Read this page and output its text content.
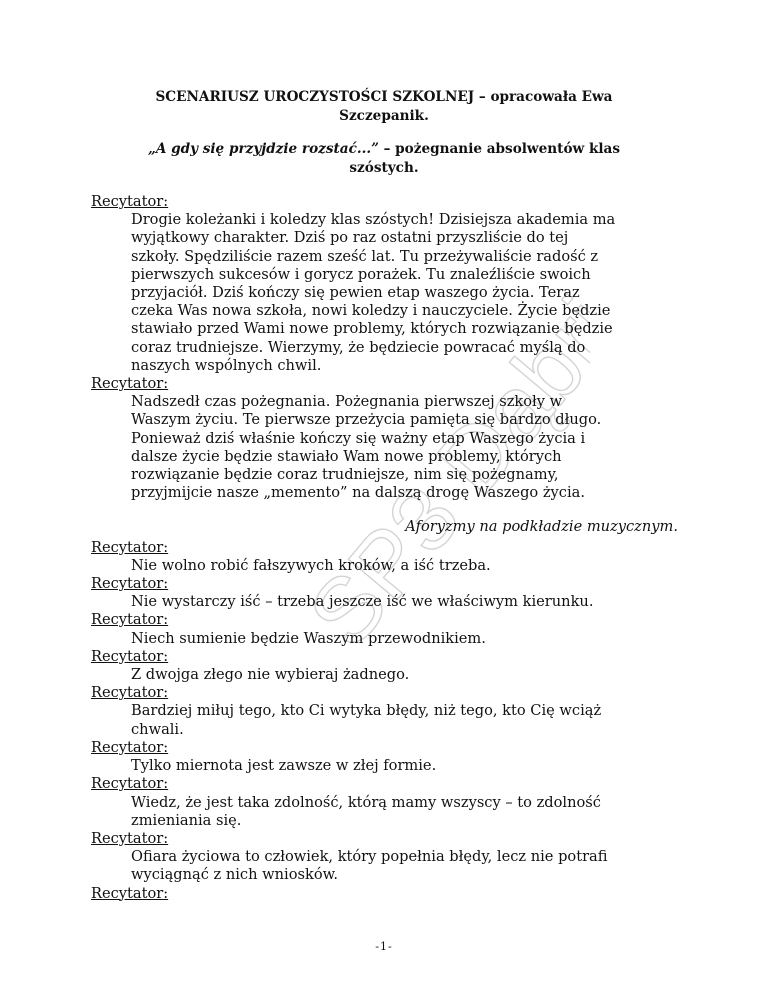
SCENARIUSZ UROCZYSTOŚCI SZKOLNEJ – opracowała Ewa
Szczepanik.
„A gdy się przyjdzie rozstać...” – pożegnanie absolwentów klas
szóstych.
SP3 Dąbrica
Recytator:
Drogie koleżanki i koledzy klas szóstych! Dzisiejsza akademia ma
wyjątkowy charakter. Dziś po raz ostatni przyszliście do tej
szkoły. Spędziliście razem sześć lat. Tu przeżywaliście radość z
pierwszych sukcesów i gorycz porażek. Tu znaleźliście swoich
przyjaciół. Dziś kończy się pewien etap waszego życia. Teraz
czeka Was nowa szkoła, nowi koledzy i nauczyciele. Życie będzie
stawiało przed Wami nowe problemy, których rozwiązanie będzie
coraz trudniejsze. Wierzymy, że będziecie powracać myślą do
naszych wspólnych chwil.
Recytator:
Nadszedł czas pożegnania. Pożegnania pierwszej szkoły w
Waszym życiu. Te pierwsze przeżycia pamięta się bardzo długo.
Ponieważ dziś właśnie kończy się ważny etap Waszego życia i
dalsze życie będzie stawiało Wam nowe problemy, których
rozwiązanie będzie coraz trudniejsze, nim się pożegnamy,
przyjmijcie nasze „memento” na dalszą drogę Waszego życia.
Aforyzmy na podkładzie muzycznym.
Recytator:
Nie wolno robić fałszywych kroków, a iść trzeba.
Recytator:
Nie wystarczy iść – trzeba jeszcze iść we właściwym kierunku.
Recytator:
Niech sumienie będzie Waszym przewodnikiem.
Recytator:
Z dwojga złego nie wybieraj żadnego.
Recytator:
Bardziej miłuj tego, kto Ci wytyka błędy, niż tego, kto Cię wciąż
chwali.
Recytator:
Tylko miernota jest zawsze w złej formie.
Recytator:
Wiedz, że jest taka zdolność, którą mamy wszyscy – to zdolność
zmieniania się.
Recytator:
Ofiara życiowa to człowiek, który popełnia błędy, lecz nie potrafi
wyciągnąć z nich wniosków.
Recytator:
-1-
